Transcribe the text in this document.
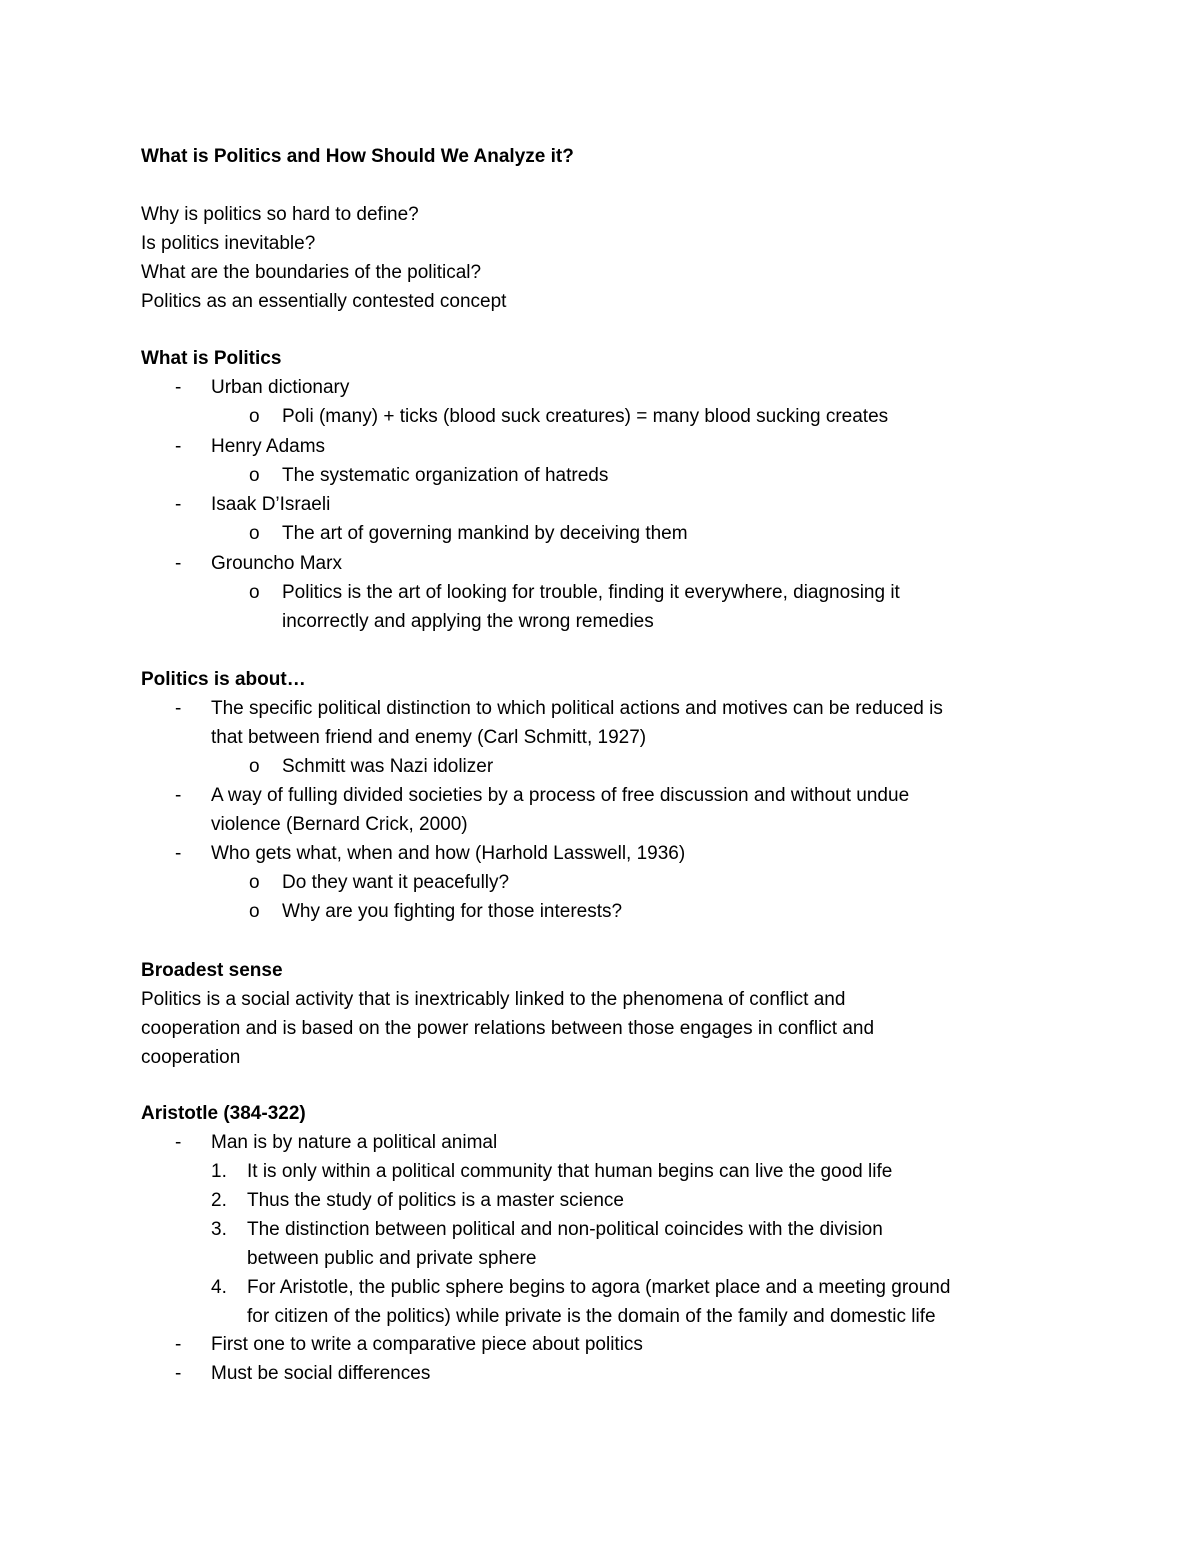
What is Politics and How Should We Analyze it?
Why is politics so hard to define?
Is politics inevitable?
What are the boundaries of the political?
Politics as an essentially contested concept
What is Politics
- Urban dictionary
o Poli (many) + ticks (blood suck creatures) = many blood sucking creates
- Henry Adams
o The systematic organization of hatreds
- Isaak D’Israeli
o The art of governing mankind by deceiving them
- Grouncho Marx
o Politics is the art of looking for trouble, finding it everywhere, diagnosing it
incorrectly and applying the wrong remedies
Politics is about…
- The specific political distinction to which political actions and motives can be reduced is
that between friend and enemy (Carl Schmitt, 1927)
o Schmitt was Nazi idolizer
- A way of fulling divided societies by a process of free discussion and without undue
violence (Bernard Crick, 2000)
- Who gets what, when and how (Harhold Lasswell, 1936)
o Do they want it peacefully?
o Why are you fighting for those interests?
Broadest sense
Politics is a social activity that is inextricably linked to the phenomena of conflict and
cooperation and is based on the power relations between those engages in conflict and
cooperation
Aristotle (384-322)
- Man is by nature a political animal
1. It is only within a political community that human begins can live the good life
2. Thus the study of politics is a master science
3. The distinction between political and non-political coincides with the division
between public and private sphere
4. For Aristotle, the public sphere begins to agora (market place and a meeting ground
for citizen of the politics) while private is the domain of the family and domestic life
- First one to write a comparative piece about politics
- Must be social differences
